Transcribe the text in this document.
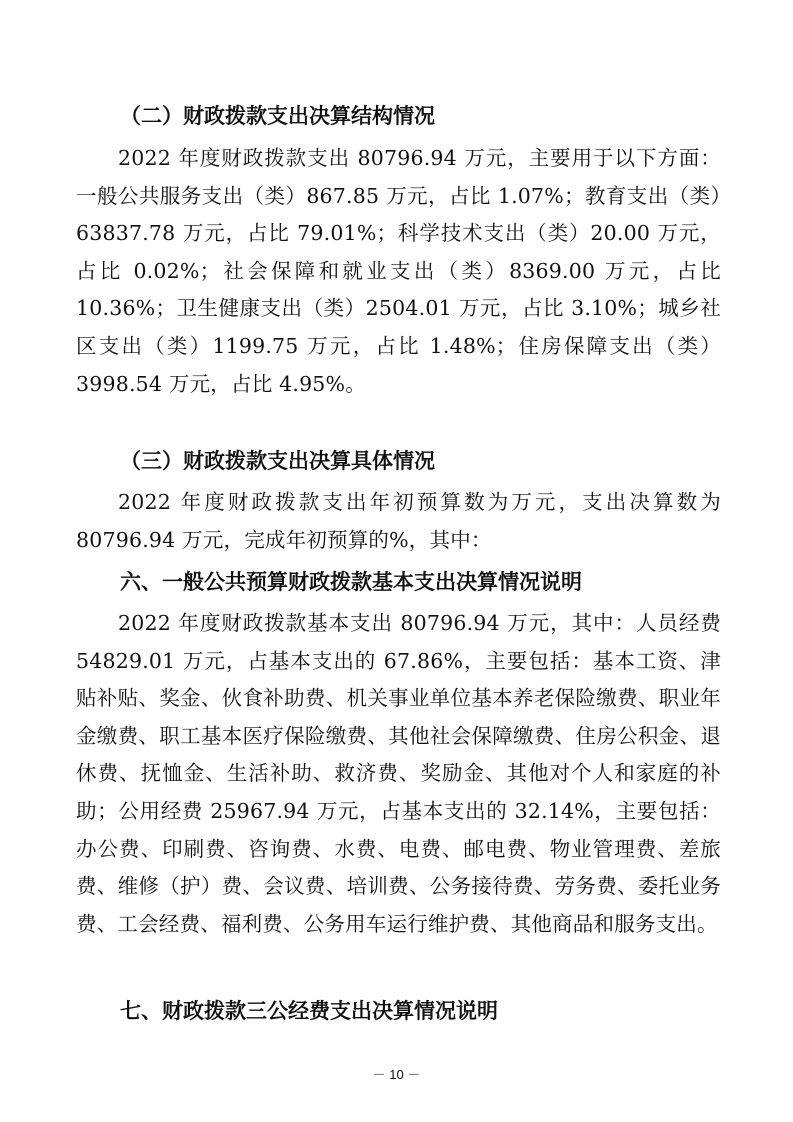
（二）财政拨款支出决算结构情况

2022 年度财政拨款支出 80796.94 万元，主要用于以下方面：一般公共服务支出（类）867.85 万元，占比 1.07%；教育支出（类）63837.78 万元，占比 79.01%；科学技术支出（类）20.00 万元，占比 0.02%；社会保障和就业支出（类）8369.00 万元，占比 10.36%；卫生健康支出（类）2504.01 万元，占比 3.10%；城乡社区支出（类）1199.75 万元，占比 1.48%；住房保障支出（类）3998.54 万元，占比 4.95%。

（三）财政拨款支出决算具体情况

2022 年度财政拨款支出年初预算数为万元，支出决算数为 80796.94 万元，完成年初预算的%，其中：

六、一般公共预算财政拨款基本支出决算情况说明

2022 年度财政拨款基本支出 80796.94 万元，其中：人员经费 54829.01 万元，占基本支出的 67.86%，主要包括：基本工资、津贴补贴、奖金、伙食补助费、机关事业单位基本养老保险缴费、职业年金缴费、职工基本医疗保险缴费、其他社会保障缴费、住房公积金、退休费、抚恤金、生活补助、救济费、奖励金、其他对个人和家庭的补助；公用经费 25967.94 万元，占基本支出的 32.14%，主要包括：办公费、印刷费、咨询费、水费、电费、邮电费、物业管理费、差旅费、维修（护）费、会议费、培训费、公务接待费、劳务费、委托业务费、工会经费、福利费、公务用车运行维护费、其他商品和服务支出。

七、财政拨款三公经费支出决算情况说明
－ 10 －
